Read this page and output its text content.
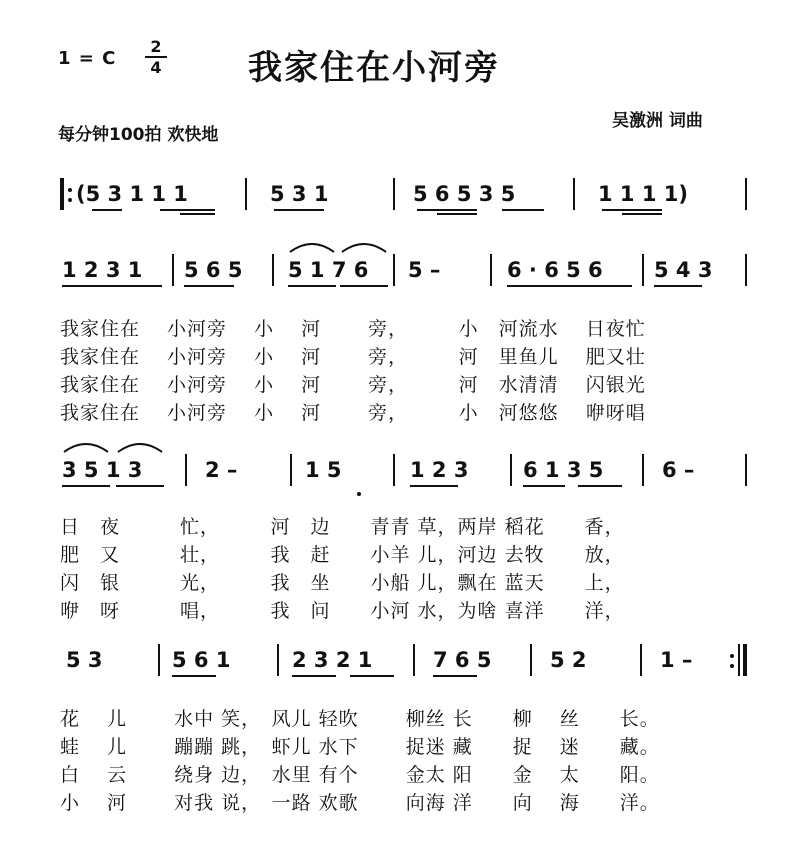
1 = C
2
4	我家住在小河旁
每分钟100拍 欢快地
吴激洲 词曲
(5 3 1 1 1	5 3 1	5 6 5 3 5	1 1 1 1)
1 2 3 1 5 6 5 5 1 7 6 5 –	6 · 6 5 6 5 4 3
我家住在　 小河旁　 小　 河　　 旁，　　　小　河流水　 日夜忙
我家住在　 小河旁　 小　 河　　 旁，　　　河　里鱼儿　 肥又壮
我家住在　 小河旁　 小　 河　　 旁，　　　河　水清清　 闪银光
我家住在　 小河旁　 小　 河　　 旁，　　　小　河悠悠　 咿呀唱
3 5 1 3	2 –	1 5	1 2 3	6 1 3 5	6 –
日　夜　　　忙，　　　河　边　　青青 草，两岸 稻花　　香，
肥　又　　　壮，　　　我　赶　　小羊 儿，河边 去牧　　放，
闪　银　　　光，　　　我　坐　　小船 儿，飘在 蓝天　　上，
咿　呀　　　唱，　　　我　问　　小河 水，为啥 喜洋　　洋，
5 3	5 6 1	2 3 2 1	7 6 5	5 2	1 –
花　 儿　　 水中 笑，　风儿 轻吹　　 柳丝 长　　柳　 丝　　长。
蛙　 儿　　 蹦蹦 跳，　虾儿 水下　　 捉迷 藏　　捉　 迷　　藏。
白　 云　　 绕身 边，　水里 有个　　 金太 阳　　金　 太　　阳。
小　 河　　 对我 说，　一路 欢歌　　 向海 洋　　向　 海　　洋。
